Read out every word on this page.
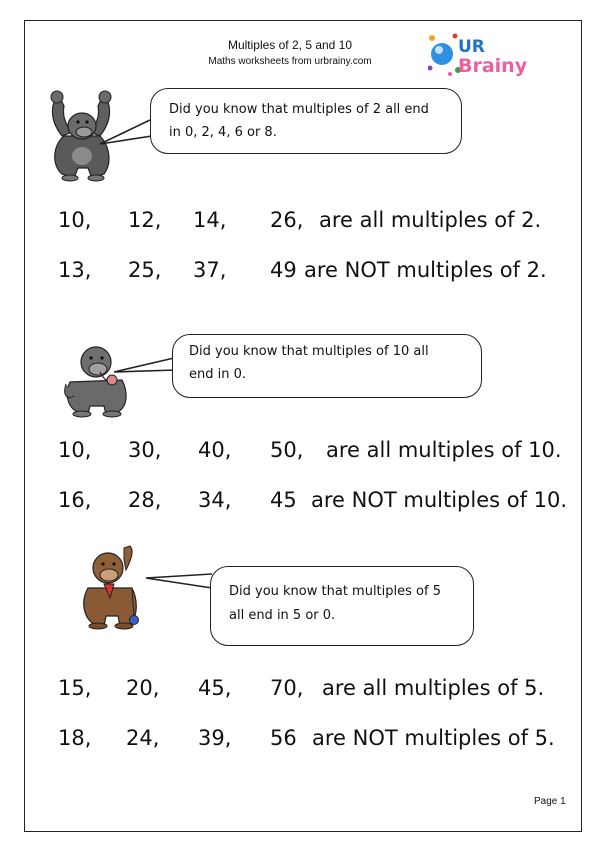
Multiples of 2, 5 and 10
Maths worksheets from urbrainy.com
UR
Brainy
Did you know that multiples of 2 all end
in 0, 2, 4, 6 or 8.
10, 12, 14, 26, are all multiples of 2.
13, 25, 37, 49 are NOT multiples of 2.
Did you know that multiples of 10 all
end in 0.
10, 30, 40, 50, are all multiples of 10.
16, 28, 34, 45 are NOT multiples of 10.
Did you know that multiples of 5
all end in 5 or 0.
15, 20, 45, 70, are all multiples of 5.
18, 24, 39, 56 are NOT multiples of 5.
Page 1
